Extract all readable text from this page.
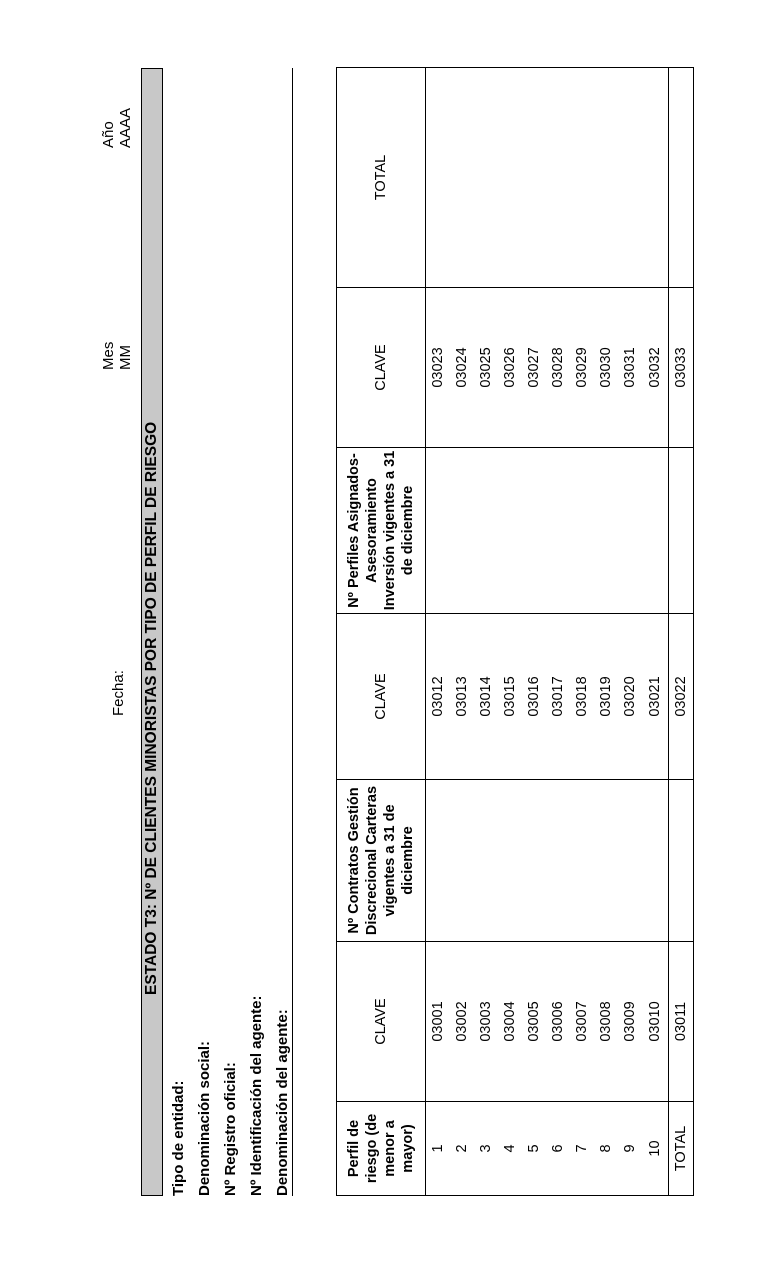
Fecha:
Mes MM
Año AAAA
ESTADO T3: Nº DE CLIENTES MINORISTAS POR TIPO DE PERFIL DE RIESGO
Tipo de entidad: Denominación social: Nº Registro oficial: Nº Identificación del agente: Denominación del agente:	Perfil de riesgo (de menor a mayor)	CLAVE	Nº Contratos Gestión Discrecional Carteras vigentes a 31 de diciembre	CLAVE	Nº Perfiles Asignados-Asesoramiento Inversión vigentes a 31 de diciembre	CLAVE	TOTAL
1	03001		03012		03023	
2	03002		03013		03024	
3	03003		03014		03025	
4	03004		03015		03026	
5	03005		03016		03027	
6	03006		03017		03028	
7	03007		03018		03029	
8	03008		03019		03030	
9	03009		03020		03031	
10	03010		03021		03032	
TOTAL	03011		03022		03033	
